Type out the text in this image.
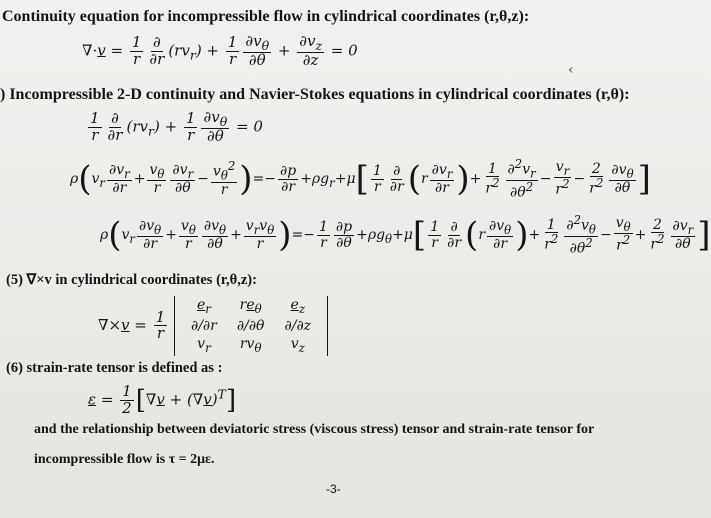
Continuity equation for incompressible flow in cylindrical coordinates (r,θ,z):
$\nabla\cdot v = \frac{1}{r} \frac{\partial}{\partial r} (rv_r) + \frac{1}{r} \frac{\partial v_\theta}{\partial\theta} + \frac{\partial v_z}{\partial z} = 0$
‹
) Incompressible 2-D continuity and Navier-Stokes equations in cylindrical coordinates (r,θ):
$\frac{1}{r} \frac{\partial}{\partial r} (rv_r) + \frac{1}{r} \frac{\partial v_\theta}{\partial\theta} = 0$
$\rho(v_r \frac{\partial v_r}{\partial r} + \frac{v_\theta}{r} \frac{\partial v_r}{\partial\theta} - \frac{v_\theta^2}{r}$ )=− $\frac{\partial p}{\partial r} +\rho g_r+\mu[ \frac{1}{r} \frac{\partial}{\partial r} (r \frac{\partial v_r}{\partial r}$ )+ $\frac{1}{r^2} \frac{\partial^2v_r}{\partial\theta^2} - \frac{v_r}{r^2} - \frac{2}{r^2} \frac{\partial v_\theta}{\partial\theta}$ ]
$\rho(v_r \frac{\partial v_\theta}{\partial r} + \frac{v_\theta}{r} \frac{\partial v_\theta}{\partial\theta} + \frac{v_rv_\theta}{r}$ )=− $\frac{1}{r} \frac{\partial p}{\partial\theta} +\rho g_\theta+\mu[ \frac{1}{r} \frac{\partial}{\partial r} (r \frac{\partial v_\theta}{\partial r}$ )+ $\frac{1}{r^2} \frac{\partial^2v_\theta}{\partial\theta^2} - \frac{v_\theta}{r^2} + \frac{2}{r^2} \frac{\partial v_r}{\partial\theta}$ ]
(5) ∇×v in cylindrical coordinates (r,θ,z):
$\nabla\times v = \frac{1}{r}$

$e_r$	$re_\theta$	$e_z$
∂/∂r	∂/∂θ	∂/∂z
$v_r$	$rv_\theta$	$v_z$
(6) strain-rate tensor is defined as :
$\varepsilon = \frac{1}{2} [\nabla v + (\nabla v)^T]$
and the relationship between deviatoric stress (viscous stress) tensor and strain-rate tensor for
incompressible flow is τ = 2με.
-3-
